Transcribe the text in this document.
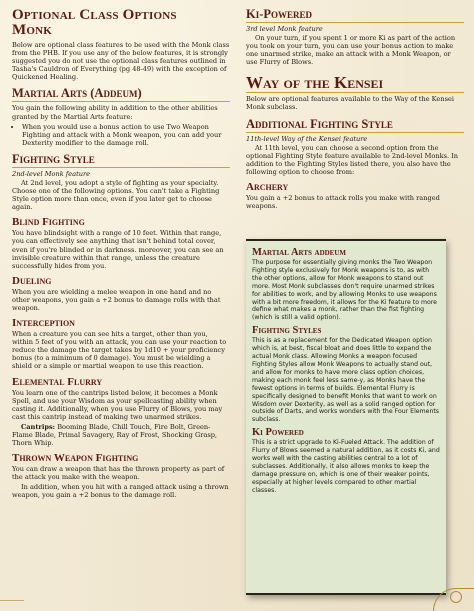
Optional Class Options
Monk

Below are optional class features to be used with the Monk class from the PHB. If you use any of the below features, it is strongly suggested you do not use the optional class features outlined in Tasha's Cauldron of Everything (pg 48-49) with the exception of Quickened Healing.

Martial Arts (Addeum)

You gain the following ability in addition to the other abilities granted by the Martial Arts feature:

• When you would use a bonus action to use Two Weapon Fighting and attack with a Monk weapon, you can add your Dexterity modifier to the damage roll.
Fighting Style
2nd-level Monk feature

At 2nd level, you adopt a style of fighting as your specialty. Choose one of the following options. You can't take a Fighting Style option more than once, even if you later get to choose again.

Blind Fighting

You have blindsight with a range of 10 feet. Within that range, you can effectively see anything that isn't behind total cover, even if you're blinded or in darkness. moreover, you can see an invisible creature within that range, unless the creature successfully hides from you.

Dueling

When you are wielding a melee weapon in one hand and no other weapons, you gain a +2 bonus to damage rolls with that weapon.

Interception

When a creature you can see hits a target, other than you, within 5 feet of you with an attack, you can use your reaction to reduce the damage the target takes by 1d10 + your proficiency bonus (to a minimum of 0 damage). You must be wielding a shield or a simple or martial weapon to use this reaction.

Elemental Flurry

You learn one of the cantrips listed below, it becomes a Monk Spell, and use your Wisdom as your spellcasting ability when casting it. Additionally, when you use Flurry of Blows, you may cast this cantrip instead of making two unarmed strikes.

Cantrips: Booming Blade, Chill Touch, Fire Bolt, Green-Flame Blade, Primal Savagery, Ray of Frost, Shocking Grasp, Thorn Whip.

Thrown Weapon Fighting

You can draw a weapon that has the thrown property as part of the attack you make with the weapon.

In addition, when you hit with a ranged attack using a thrown weapon, you gain a +2 bonus to the damage roll.

Ki-Powered
3rd level Monk feature

On your turn, if you spent 1 or more Ki as part of the action you took on your turn, you can use your bonus action to make one unarmed strike, make an attack with a Monk Weapon, or use Flurry of Blows.

Way of the Kensei

Below are optional features available to the Way of the Kensei Monk subclass.

Additional Fighting Style
11th-level Way of the Kensei feature

At 11th level, you can choose a second option from the optional Fighting Style feature available to 2nd-level Monks. In addition to the Fighting Styles listed there, you also have the following option to choose from:

Archery

You gain a +2 bonus to attack rolls you make with ranged weapons.

Martial Arts addeum

The purpose for essentially giving monks the Two Weapon Fighting style exclusively for Monk weapons is to, as with the other options, allow for Monk weapons to stand out more. Most Monk subclasses don't require unarmed strikes for abilities to work, and by allowing Monks to use weapons with a bit more freedom, it allows for the Ki feature to more define what makes a monk, rather than the fist fighting (which is still a valid option).

Fighting Styles

This is as a replacement for the Dedicated Weapon option which is, at best, fiscal bloat and does little to expand the actual Monk class. Allowing Monks a weapon focused Fighting Styles allow Monk Weapons to actually stand out, and allow for monks to have more class option choices, making each monk feel less same-y, as Monks have the fewest options in terms of builds. Elemental Flurry is specifically designed to benefit Monks that want to work on Wisdom over Dexterity, as well as a solid ranged option for outside of Darts, and works wonders with the Four Elements subclass.

Ki Powered

This is a strict upgrade to Ki-Fueled Attack. The addition of Flurry of Blows seemed a natural addition, as it costs Ki, and works well with the casting abilities central to a lot of subclasses. Additionally, it also allows monks to keep the damage pressure on, which is one of their weaker points, especially at higher levels compared to other martial classes.
